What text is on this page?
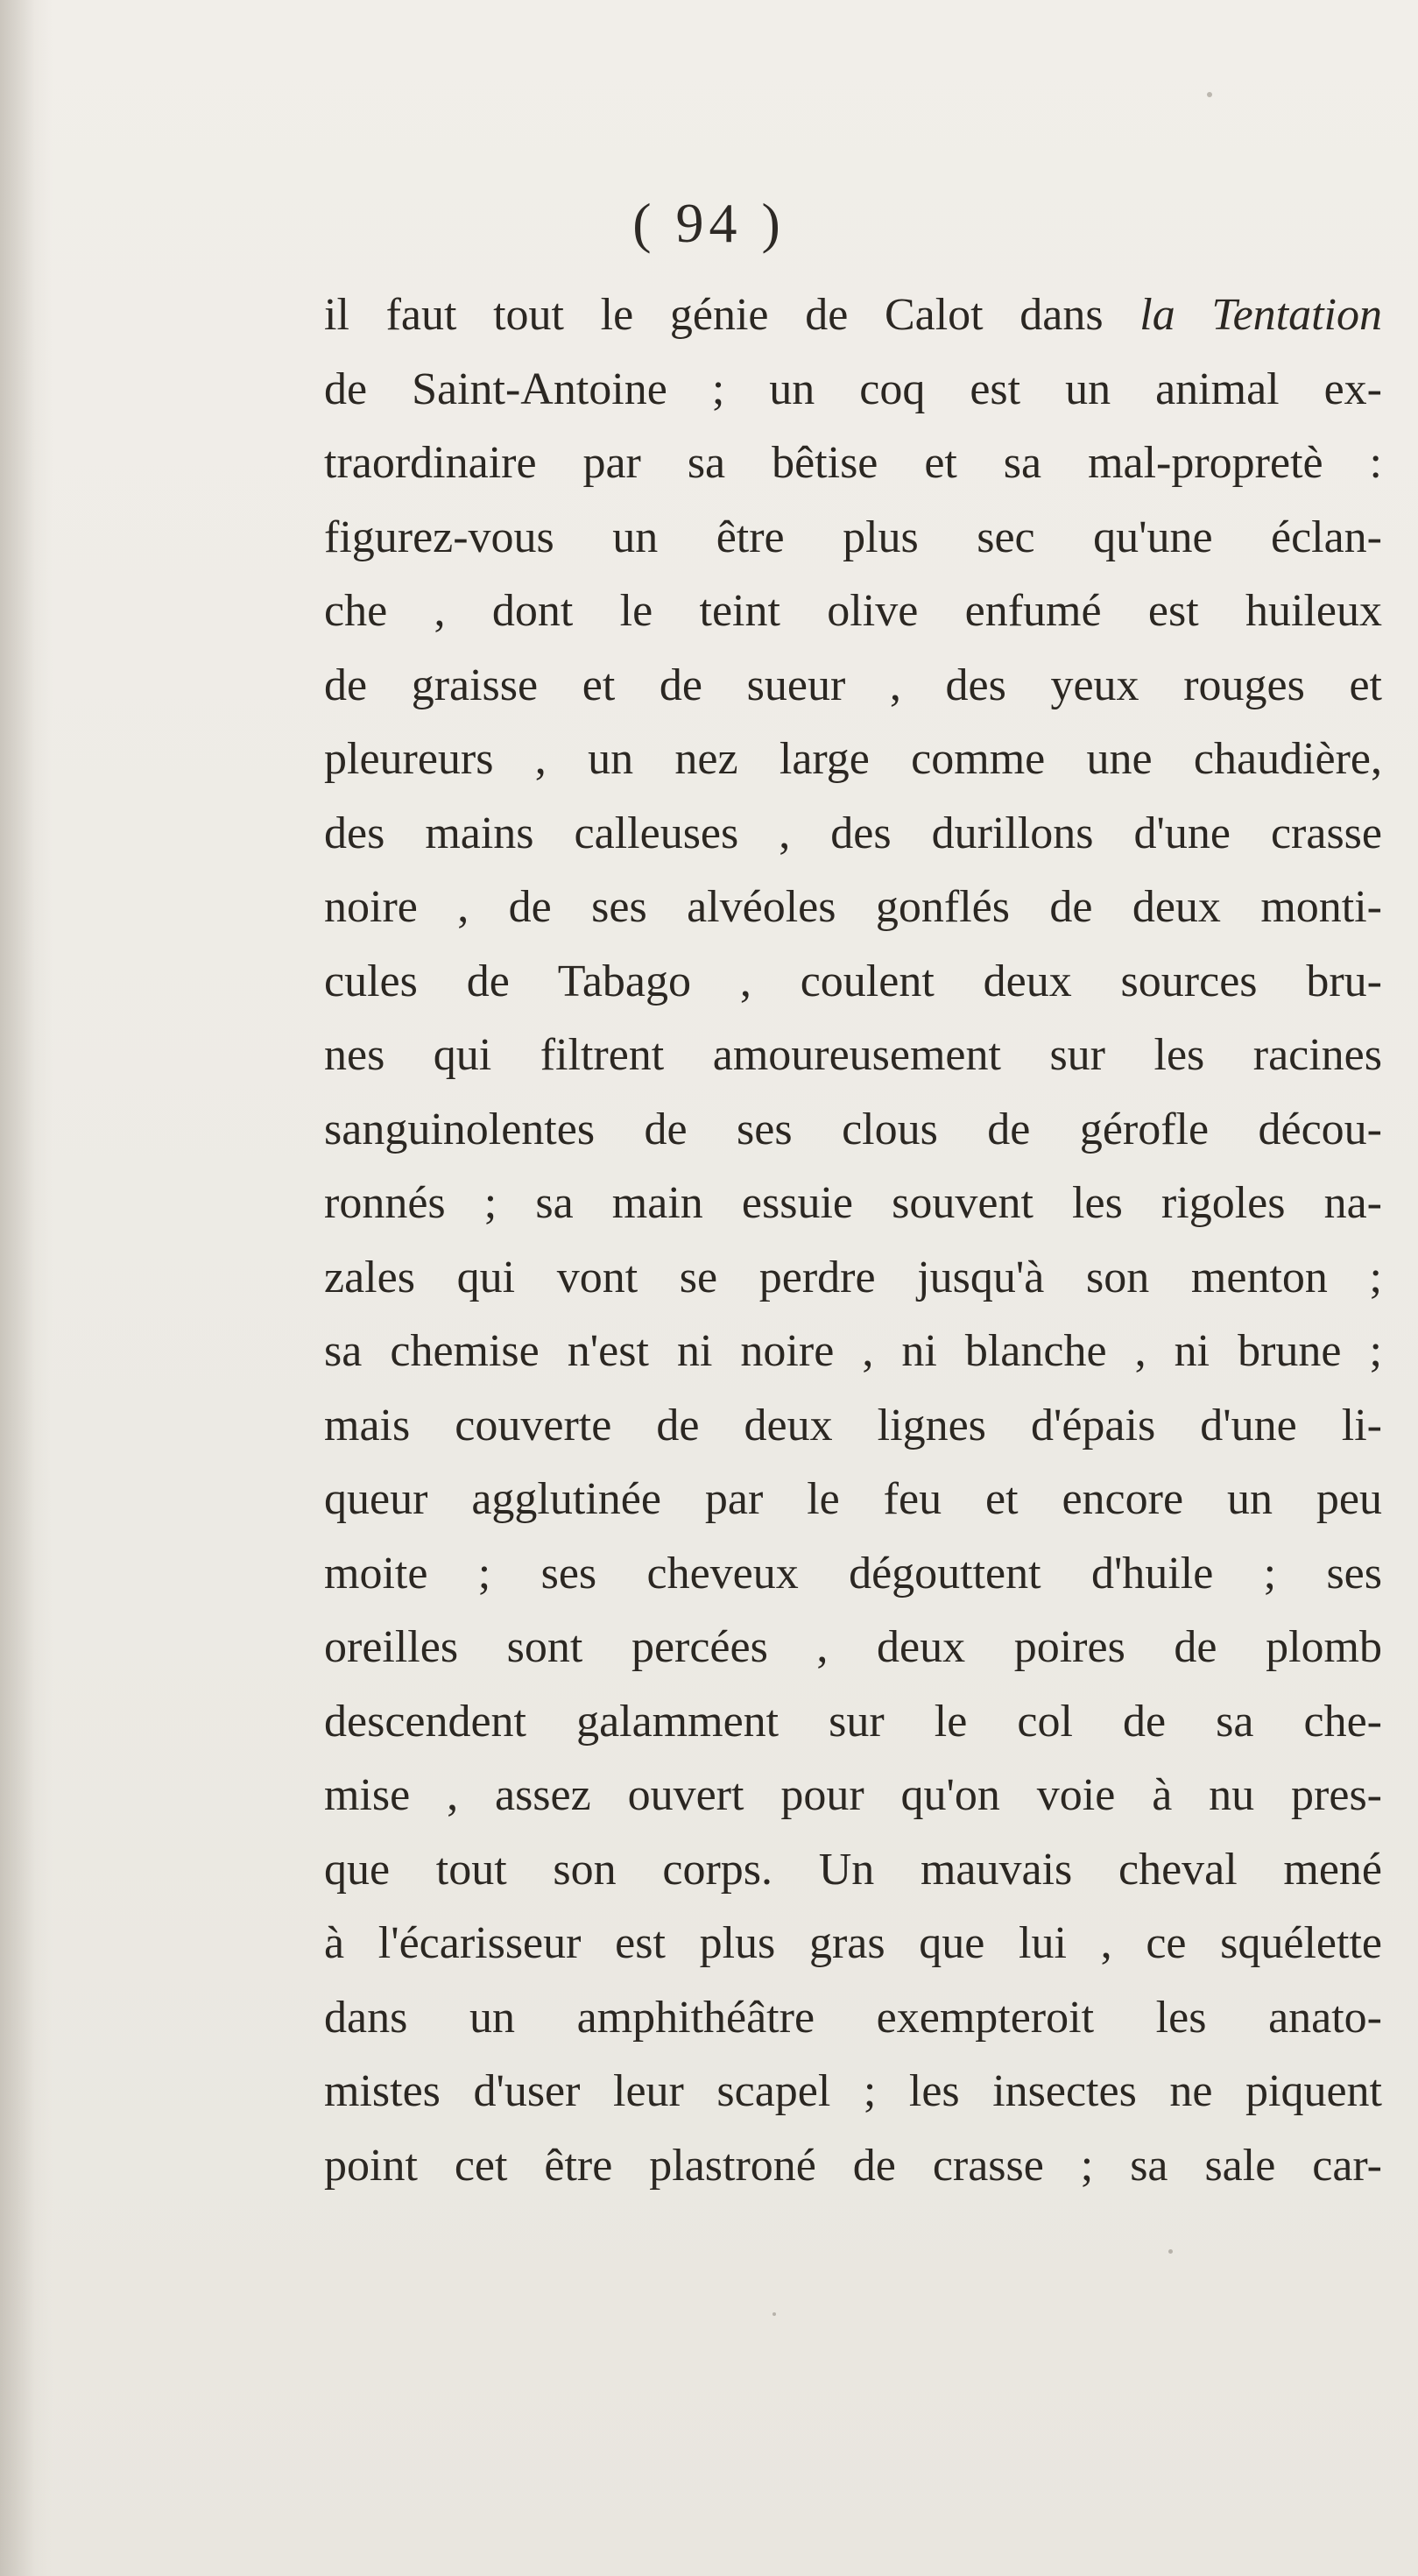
( 94 )
il faut tout le génie de Calot dans la Tentation
de Saint-Antoine ; un coq est un animal ex-
traordinaire par sa bêtise et sa mal-propretè :
figurez-vous un être plus sec qu'une éclan-
che , dont le teint olive enfumé est huileux
de graisse et de sueur , des yeux rouges et
pleureurs , un nez large comme une chaudière,
des mains calleuses , des durillons d'une crasse
noire , de ses alvéoles gonflés de deux monti-
cules de Tabago , coulent deux sources bru-
nes qui filtrent amoureusement sur les racines
sanguinolentes de ses clous de gérofle décou-
ronnés ; sa main essuie souvent les rigoles na-
zales qui vont se perdre jusqu'à son menton ;
sa chemise n'est ni noire , ni blanche , ni brune ;
mais couverte de deux lignes d'épais d'une li-
queur agglutinée par le feu et encore un peu
moite ; ses cheveux dégouttent d'huile ; ses
oreilles sont percées , deux poires de plomb
descendent galamment sur le col de sa che-
mise , assez ouvert pour qu'on voie à nu pres-
que tout son corps. Un mauvais cheval mené
à l'écarisseur est plus gras que lui , ce squélette
dans un amphithéâtre exempteroit les anato-
mistes d'user leur scapel ; les insectes ne piquent
point cet être plastroné de crasse ; sa sale car-
